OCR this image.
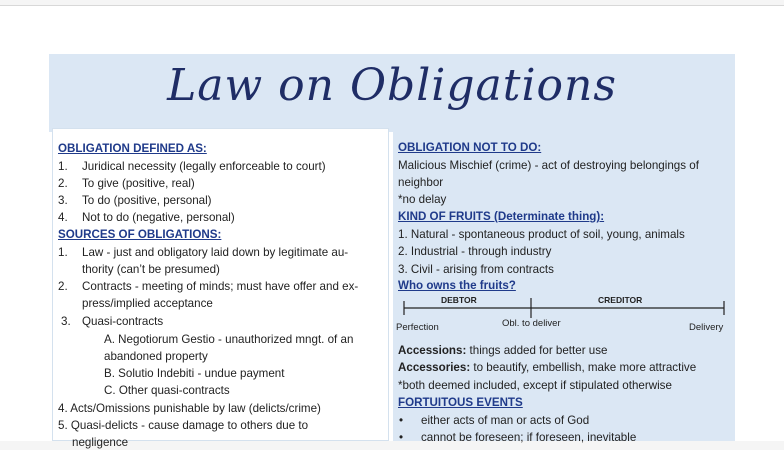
Law on Obligations
OBLIGATION DEFINED AS:
1. Juridical necessity (legally enforceable to court)
2. To give (positive, real)
3. To do (positive, personal)
4. Not to do (negative, personal)
SOURCES OF OBLIGATIONS:
1. Law - just and obligatory laid down by legitimate au-
thority (can’t be presumed)
2. Contracts - meeting of minds; must have offer and ex-
press/implied acceptance
3. Quasi-contracts
A. Negotiorum Gestio - unauthorized mngt. of an
abandoned property
B. Solutio Indebiti - undue payment
C. Other quasi-contracts
4. Acts/Omissions punishable by law (delicts/crime)
5. Quasi-delicts - cause damage to others due to
negligence
OBLIGATION NOT TO DO:
Malicious Mischief (crime) - act of destroying belongings of
neighbor
*no delay
KIND OF FRUITS (Determinate thing):
1. Natural - spontaneous product of soil, young, animals
2. Industrial - through industry
3. Civil - arising from contracts
Who owns the fruits?
DEBTOR	CREDITOR
Perfection	Obl. to deliver	Delivery
Accessions: things added for better use
Accessories: to beautify, embellish, make more attractive
*both deemed included, except if stipulated otherwise
FORTUITOUS EVENTS
• either acts of man or acts of God
• cannot be foreseen; if foreseen, inevitable
